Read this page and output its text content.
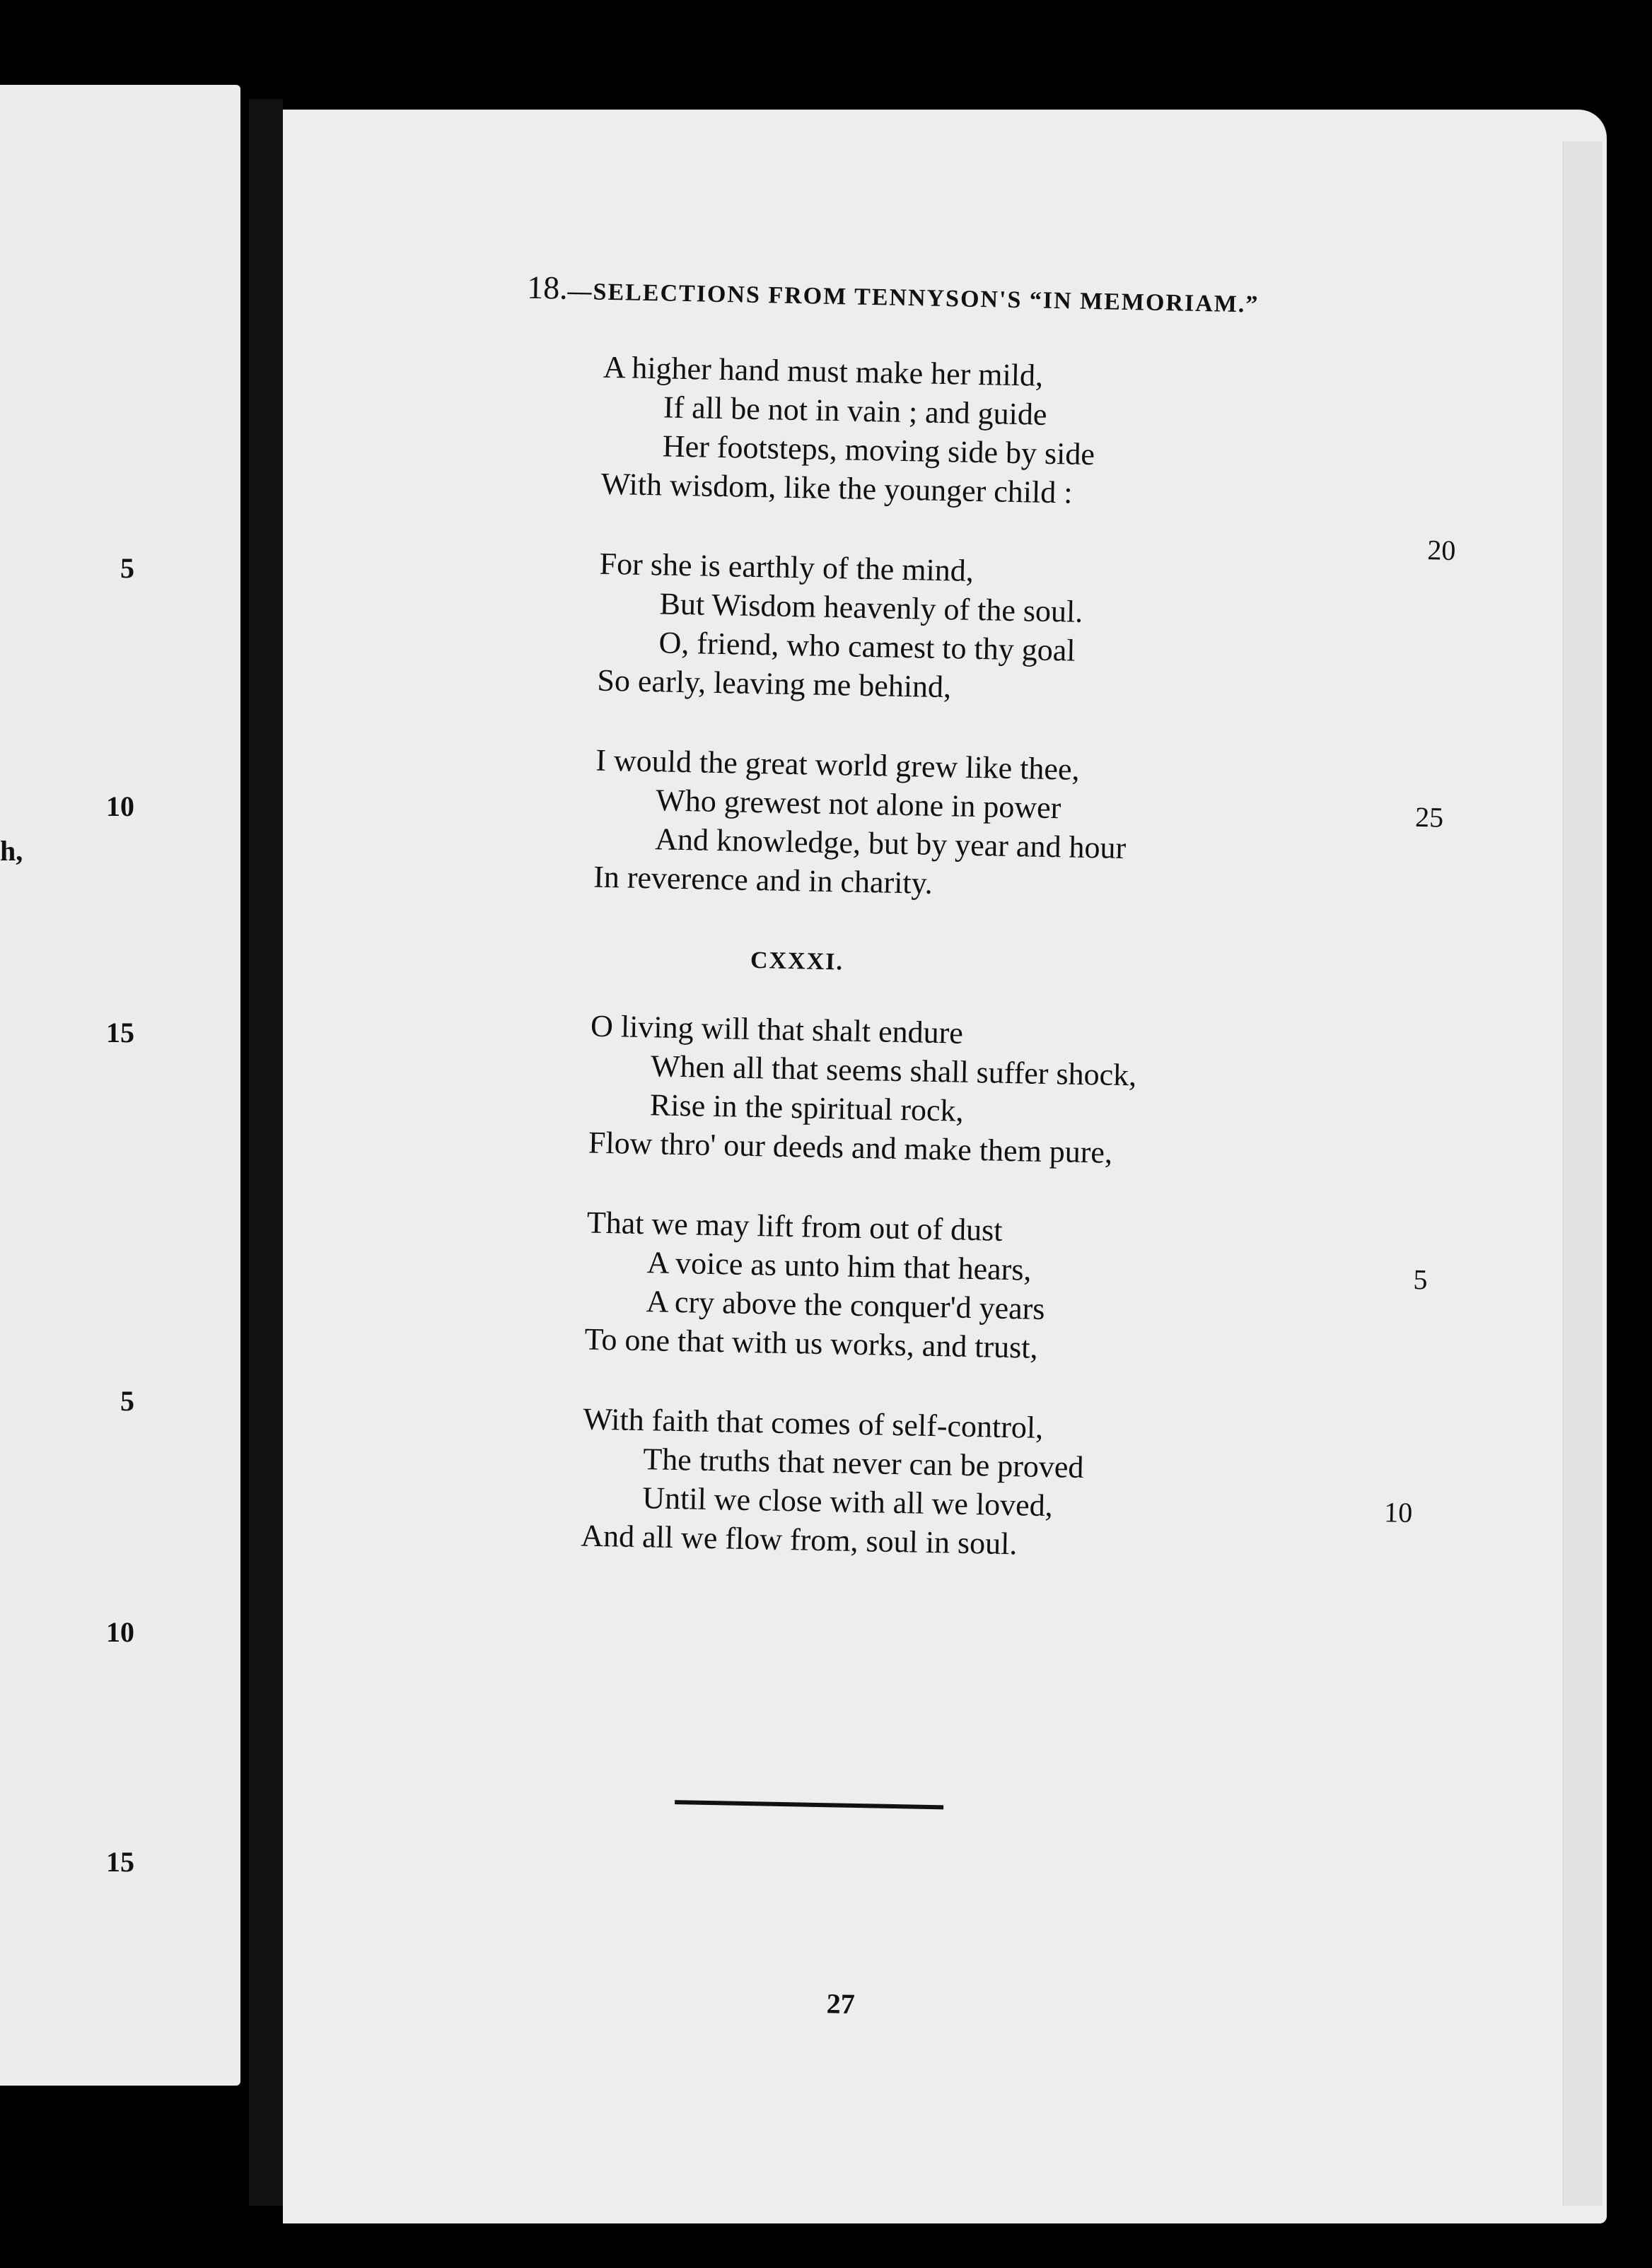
5
10
15
5
10
15
h,
18.—SELECTIONS FROM TENNYSON'S “IN MEMORIAM.”
A higher hand must make her mild,
If all be not in vain ; and guide
Her footsteps, moving side by side
With wisdom, like the younger child :
For she is earthly of the mind,
But Wisdom heavenly of the soul.
O, friend, who camest to thy goal
So early, leaving me behind,
I would the great world grew like thee,
Who grewest not alone in power
And knowledge, but by year and hour
In reverence and in charity.
CXXXI.
O living will that shalt endure
When all that seems shall suffer shock,
Rise in the spiritual rock,
Flow thro' our deeds and make them pure,
That we may lift from out of dust
A voice as unto him that hears,
A cry above the conquer'd years
To one that with us works, and trust,
With faith that comes of self-control,
The truths that never can be proved
Until we close with all we loved,
And all we flow from, soul in soul.
20
25
5
10
27
